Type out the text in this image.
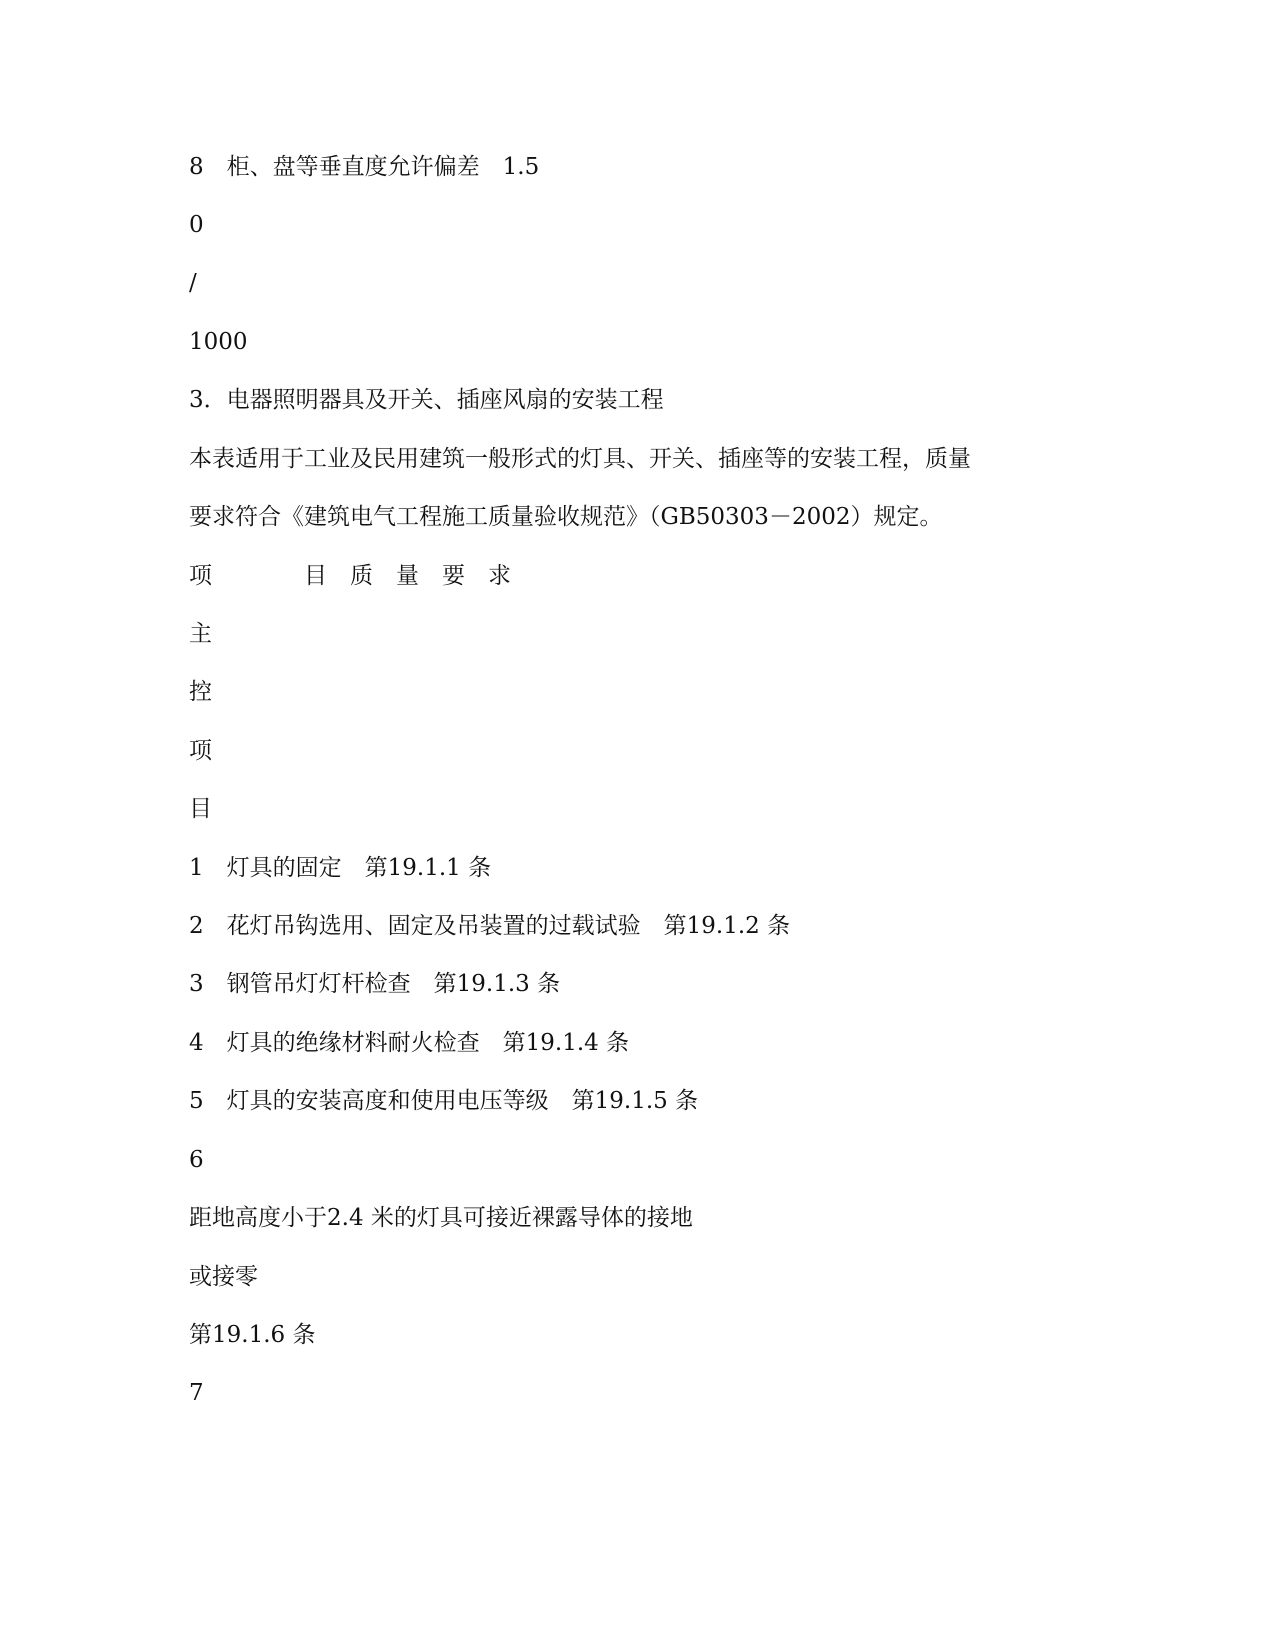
8　柜、盘等垂直度允许偏差　1.5
0
/
1000
3．电器照明器具及开关、插座风扇的安装工程
本表适用于工业及民用建筑一般形式的灯具、开关、插座等的安装工程，质量
要求符合《建筑电气工程施工质量验收规范》（GB50303－2002）规定。
项　　　　目　质　量　要　求
主
控
项
目
1　灯具的固定　第19.1.1 条
2　花灯吊钩选用、固定及吊装置的过载试验　第19.1.2 条
3　钢管吊灯灯杆检查　第19.1.3 条
4　灯具的绝缘材料耐火检查　第19.1.4 条
5　灯具的安装高度和使用电压等级　第19.1.5 条
6
距地高度小于2.4 米的灯具可接近裸露导体的接地
或接零
第19.1.6 条
7
